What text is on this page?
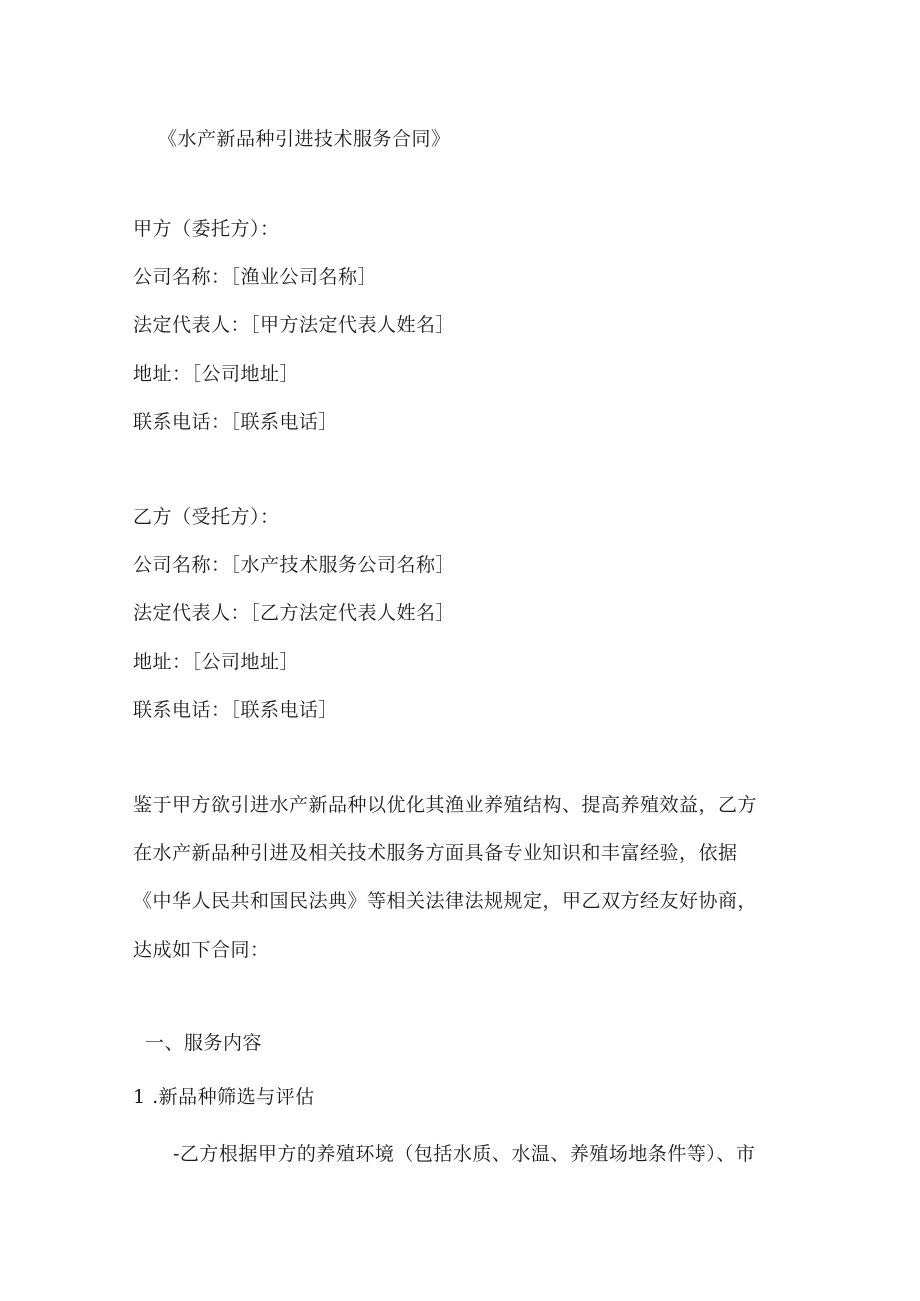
《水产新品种引进技术服务合同》
甲方（委托方）：
公司名称：［渔业公司名称］
法定代表人：［甲方法定代表人姓名］
地址：［公司地址］
联系电话：［联系电话］
乙方（受托方）：
公司名称：［水产技术服务公司名称］
法定代表人：［乙方法定代表人姓名］
地址：［公司地址］
联系电话：［联系电话］
鉴于甲方欲引进水产新品种以优化其渔业养殖结构、提高养殖效益，乙方
在水产新品种引进及相关技术服务方面具备专业知识和丰富经验，依据
《中华人民共和国民法典》等相关法律法规规定，甲乙双方经友好协商，
达成如下合同：
一、服务内容
1 .新品种筛选与评估
-乙方根据甲方的养殖环境（包括水质、水温、养殖场地条件等）、市
